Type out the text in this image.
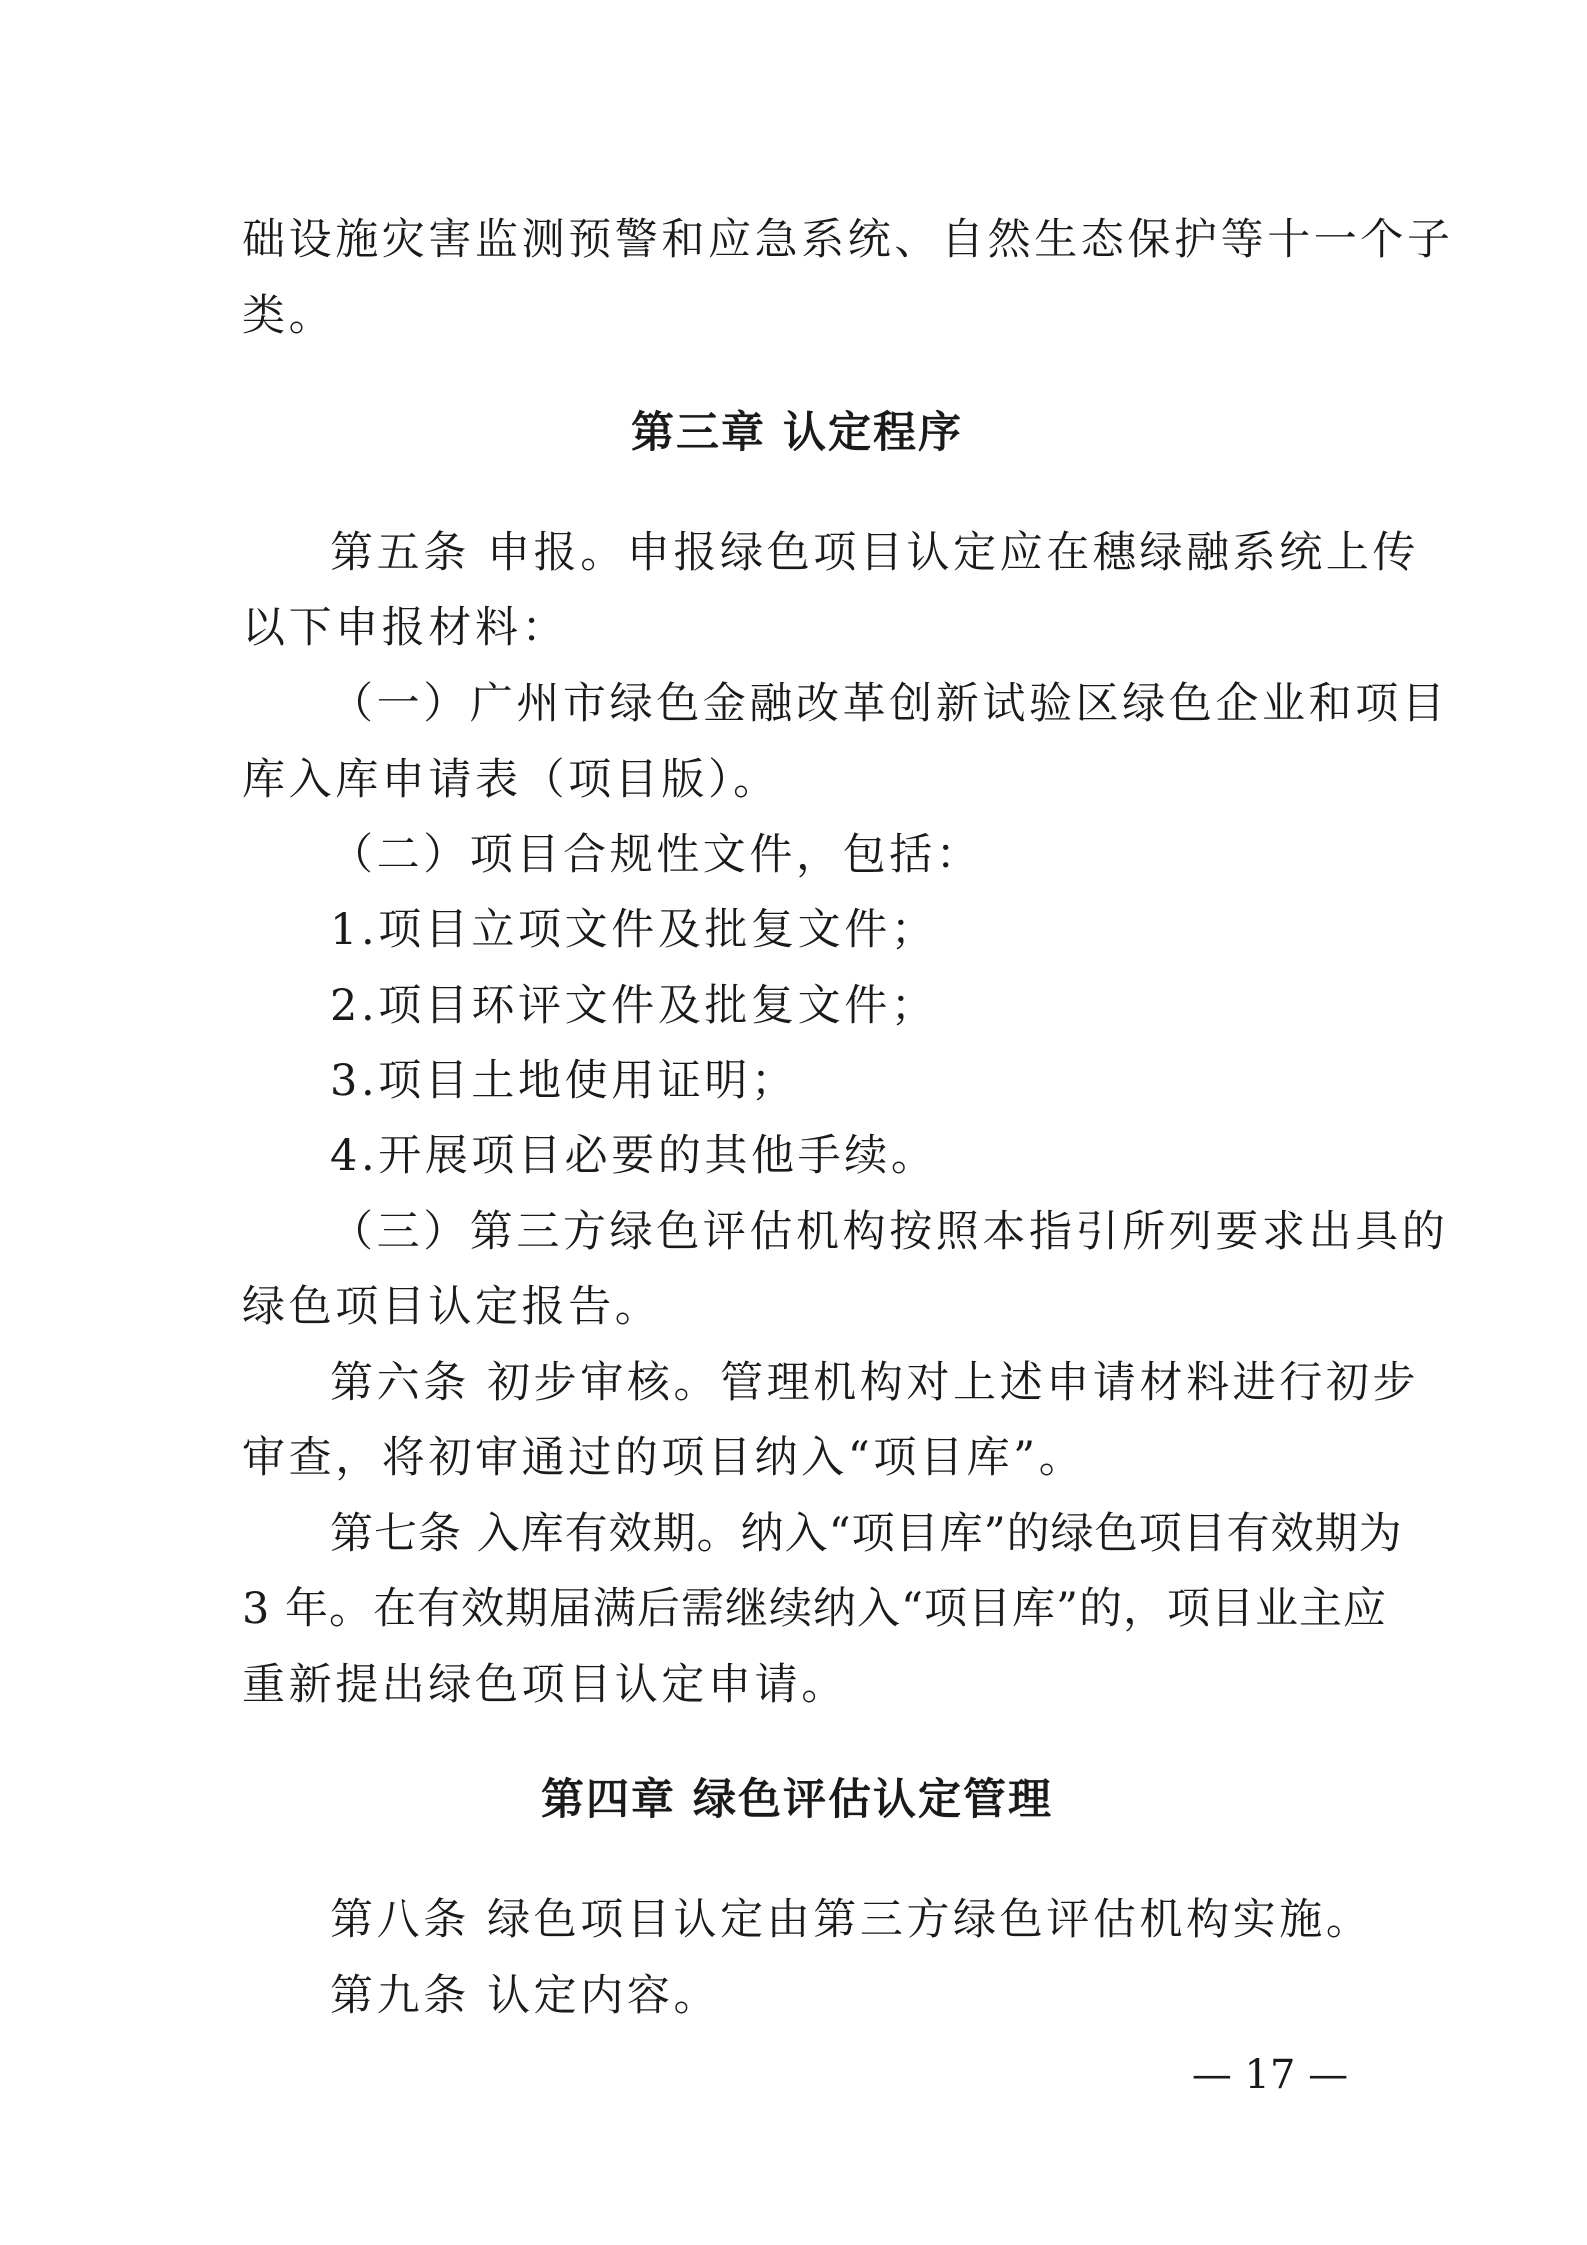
础设施灾害监测预警和应急系统、自然生态保护等十一个子
类。
第三章 认定程序
第五条 申报。申报绿色项目认定应在穗绿融系统上传
以下申报材料：
（一）广州市绿色金融改革创新试验区绿色企业和项目
库入库申请表（项目版）。
（二）项目合规性文件，包括：
1.项目立项文件及批复文件；
2.项目环评文件及批复文件；
3.项目土地使用证明；
4.开展项目必要的其他手续。
（三）第三方绿色评估机构按照本指引所列要求出具的
绿色项目认定报告。
第六条 初步审核。管理机构对上述申请材料进行初步
审查，将初审通过的项目纳入“项目库”。
第七条 入库有效期。纳入“项目库”的绿色项目有效期为
3 年。在有效期届满后需继续纳入“项目库”的，项目业主应
重新提出绿色项目认定申请。
第四章 绿色评估认定管理
第八条 绿色项目认定由第三方绿色评估机构实施。
第九条 认定内容。
— 17 —
